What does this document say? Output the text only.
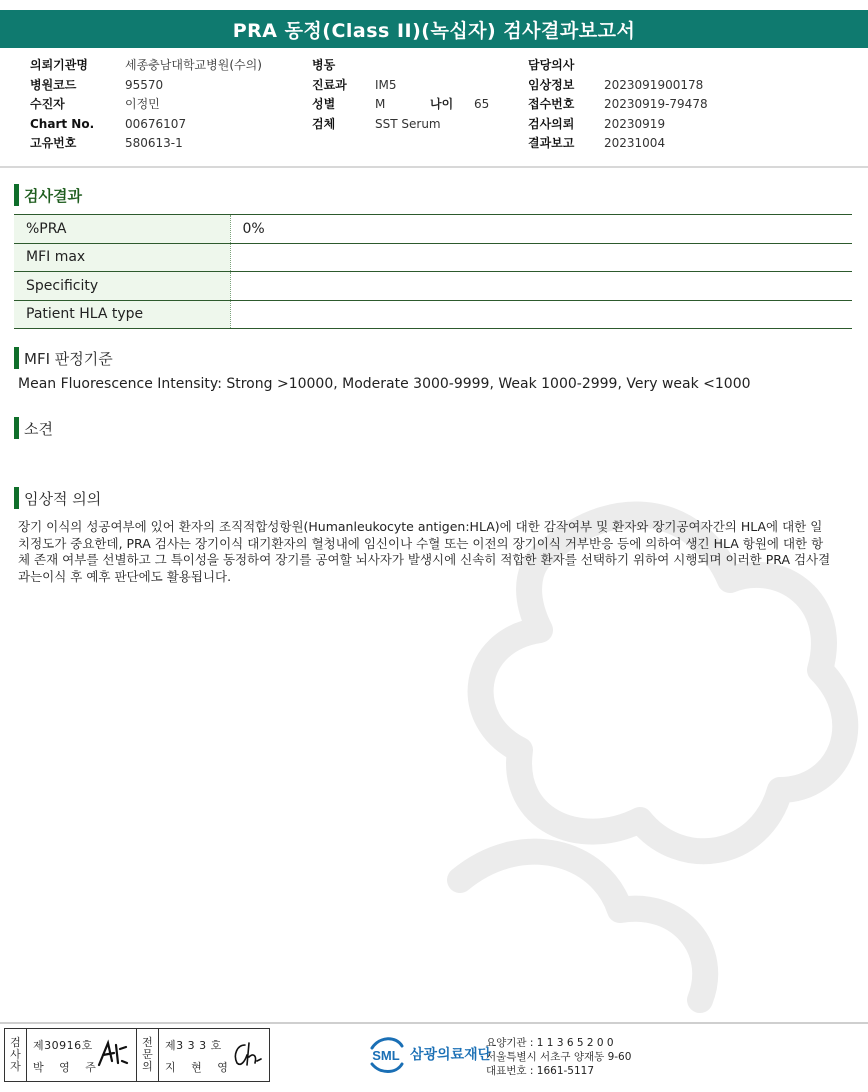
PRA 동정(Class II)(녹십자) 검사결과보고서
의뢰기관명	세종충남대학교병원(수의)
병원코드	95570
수진자	이정민
Chart No.	00676107
고유번호	580613-1
병동
진료과	IM5
성별	M	나이 65
검체	SST Serum
담당의사
임상정보	2023091900178
접수번호	20230919-79478
검사의뢰	20230919
결과보고	20231004
검사결과
%PRA	0%
MFI max	
Specificity	
Patient HLA type	
MFI 판정기준
Mean Fluorescence Intensity: Strong >10000, Moderate 3000-9999, Weak 1000-2999, Very weak <1000
소견
임상적 의의
장기 이식의 성공여부에 있어 환자의 조직적합성항원(Humanleukocyte antigen:HLA)에 대한 감작여부 및 환자와 장기공여자간의 HLA에 대한 일치정도가 중요한데, PRA 검사는 장기이식 대기환자의 혈청내에 임신이나 수혈 또는 이전의 장기이식 거부반응 등에 의하여 생긴 HLA 항원에 대한 항체 존재 여부를 선별하고 그 특이성을 동정하여 장기를 공여할 뇌사자가 발생시에 신속히 적합한 환자를 선택하기 위하여 시행되며 이러한 PRA 검사결과는이식 후 예후 판단에도 활용됩니다.
검
사
자
제30916호
박 영 주
전
문
의
제3 3 3 호
지 현 영
SML 삼광의료재단
요양기관 : 1 1 3 6 5 2 0 0
서울특별시 서초구 양재동 9-60
대표번호 : 1661-5117
